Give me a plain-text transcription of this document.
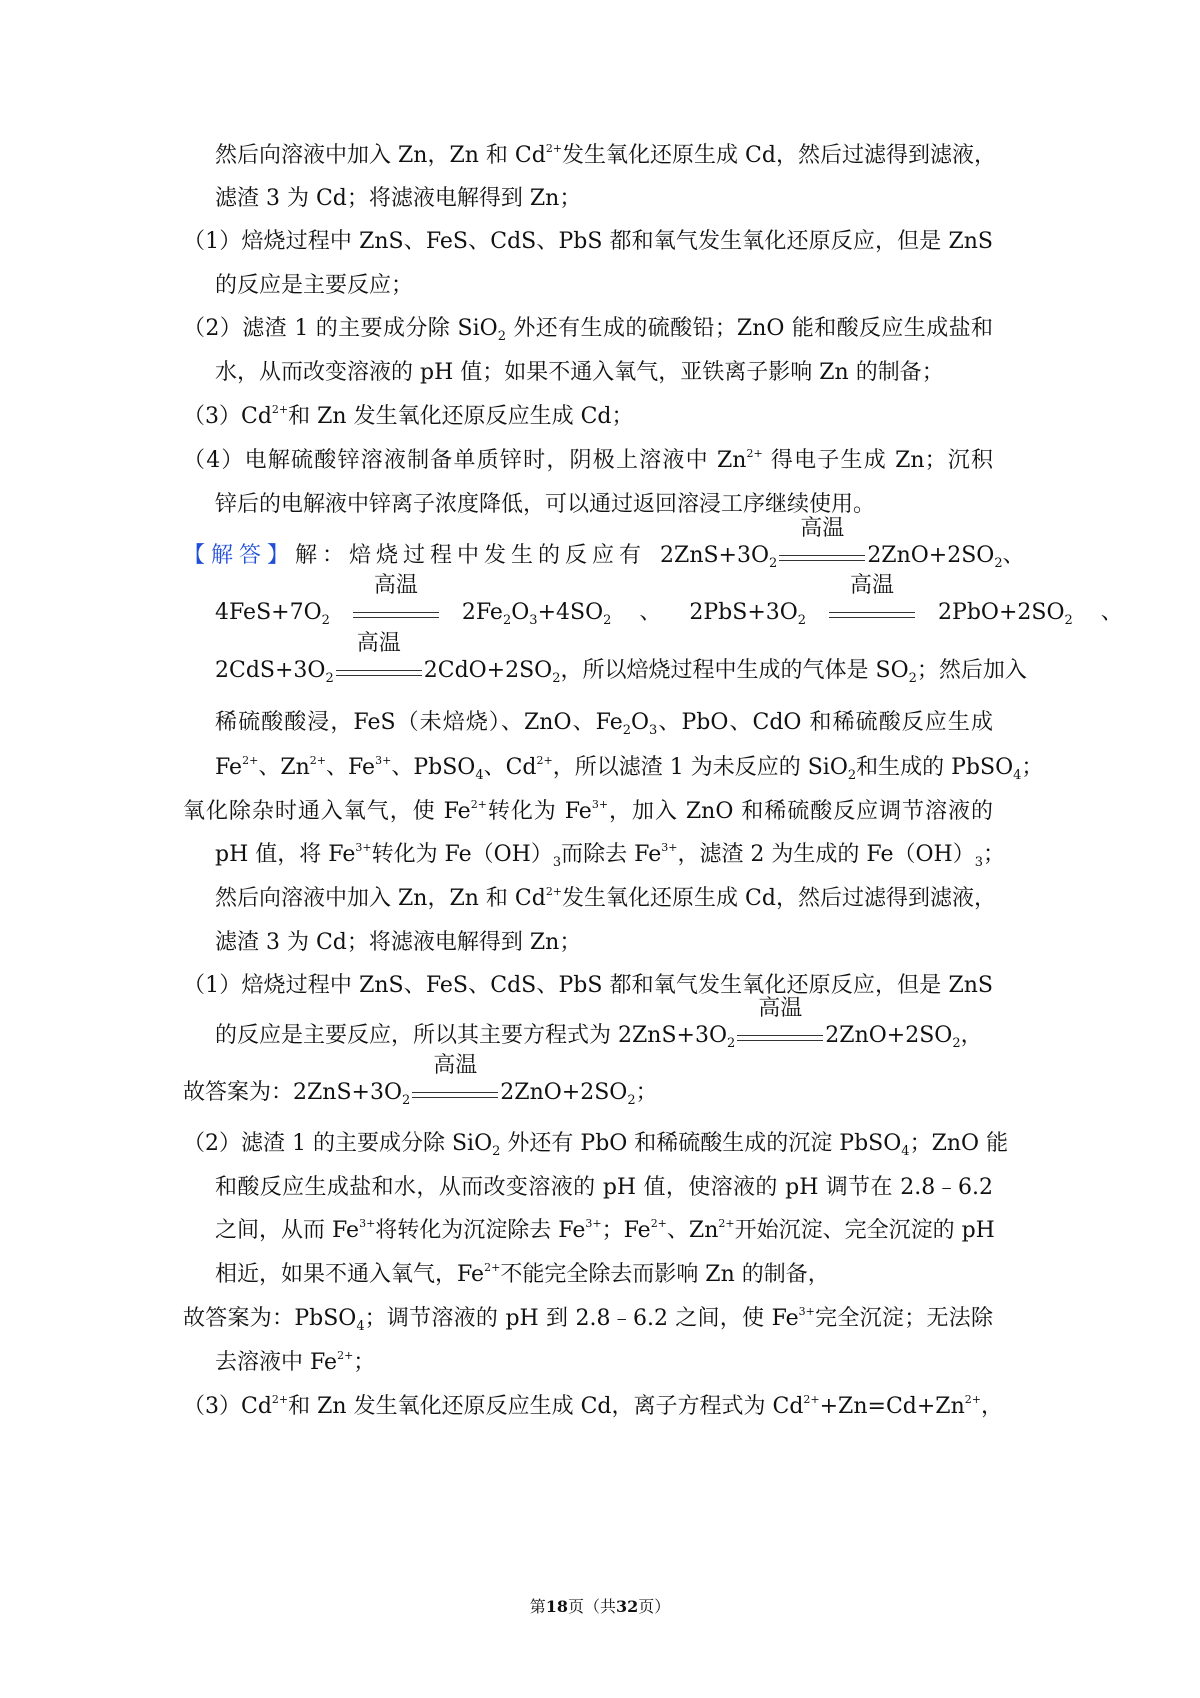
然后向溶液中加入 Zn，Zn 和 $Cd^{2+}$发生氧化还原生成 Cd，然后过滤得到滤液，
滤渣 3 为 Cd；将滤液电解得到 Zn；
（1）焙烧过程中 ZnS、FeS、CdS、PbS 都和氧气发生氧化还原反应，但是 ZnS
的反应是主要反应；
（2）滤渣 1 的主要成分除 SiO$_2$ 外还有生成的硫酸铅；ZnO 能和酸反应生成盐和
水，从而改变溶液的 pH 值；如果不通入氧气，亚铁离子影响 Zn 的制备；
$(3)Cd^{2+}$和 Zn 发生氧化还原反应生成 Cd；
（4）电解硫酸锌溶液制备单质锌时，阴极上溶液中 $Zn^{2+}$ 得电子生成 Zn；沉积
锌后的电解液中锌离子浓度降低，可以通过返回溶浸工序继续使用。
【解答】解：焙烧过程中发生的反应有 $2ZnS+3O_2$
高温
$2ZnO+2SO_2$、
$4FeS+7O_2$
高温
$2Fe_2O_3+4SO_2$ 、 $2PbS+3O_2$
高温
$2PbO+2SO_2$ 、
$2CdS+3O_2$
高温
$2CdO+2SO_2$，所以焙烧过程中生成的气体是 $SO_2$；然后加入
稀硫酸酸浸，FeS（未焙烧）、ZnO、$Fe_2O_3$、PbO、CdO 和稀硫酸反应生成
$Fe^{2+}$、$Zn^{2+}$、$Fe^{3+}$、PbSO$_4$、$Cd^{2+}$，所以滤渣 1 为未反应的 SiO$_2$和生成的 PbSO$_4$；
氧化除杂时通入氧气，使 $Fe^{2+}$转化为 $Fe^{3+}$，加入 ZnO 和稀硫酸反应调节溶液的
pH 值，将 $Fe^{3+}$转化为 $Fe(OH)_3$而除去 $Fe^{3+}$，滤渣 2 为生成的 $Fe(OH)_3$；
然后向溶液中加入 Zn，Zn 和 $Cd^{2+}$发生氧化还原生成 Cd，然后过滤得到滤液，
滤渣 3 为 Cd；将滤液电解得到 Zn；
（1）焙烧过程中 ZnS、FeS、CdS、PbS 都和氧气发生氧化还原反应，但是 ZnS
的反应是主要反应，所以其主要方程式为 $2ZnS+3O_2$
高温
$2ZnO+2SO_2$，
故答案为：$2ZnS+3O_2$
高温
$2ZnO+2SO_2$；
（2）滤渣 1 的主要成分除 SiO$_2$ 外还有 PbO 和稀硫酸生成的沉淀 PbSO$_4$；ZnO 能
和酸反应生成盐和水，从而改变溶液的 pH 值，使溶液的 pH 调节在 2.8﹣6.2
之间，从而 $Fe^{3+}$将转化为沉淀除去 $Fe^{3+}$；$Fe^{2+}$、$Zn^{2+}$开始沉淀、完全沉淀的 pH
相近，如果不通入氧气，$Fe^{2+}$不能完全除去而影响 Zn 的制备，
故答案为：PbSO$_4$；调节溶液的 pH 到 2.8﹣6.2 之间，使 $Fe^{3+}$完全沉淀；无法除
去溶液中 $Fe^{2+}$；
$(3)Cd^{2+}$和 Zn 发生氧化还原反应生成 Cd，离子方程式为 $Cd^{2+}+Zn=Cd+Zn^{2+}$，
第18页（共32页）
